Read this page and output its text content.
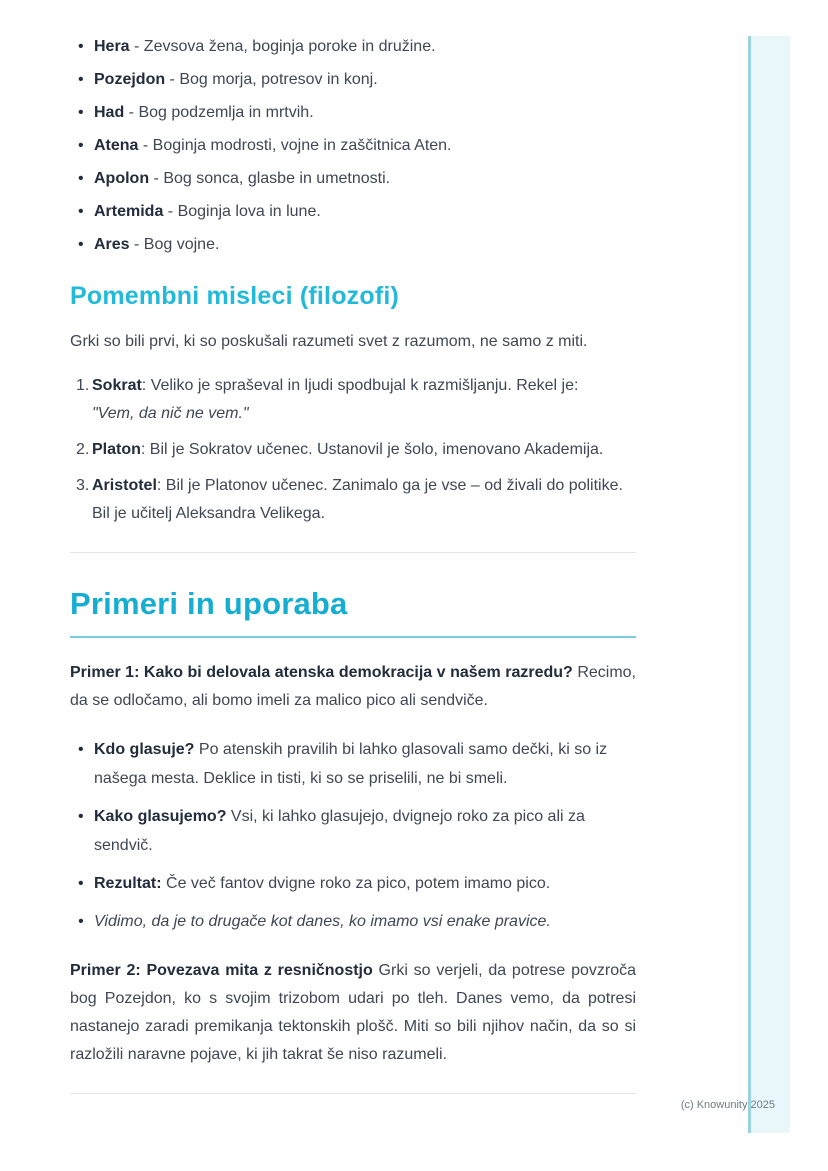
• Hera - Zevsova žena, boginja poroke in družine.
• Pozejdon - Bog morja, potresov in konj.
• Had - Bog podzemlja in mrtvih.
• Atena - Boginja modrosti, vojne in zaščitnica Aten.
• Apolon - Bog sonca, glasbe in umetnosti.
• Artemida - Boginja lova in lune.
• Ares - Bog vojne.
Pomembni misleci (filozofi)

Grki so bili prvi, ki so poskušali razumeti svet z razumom, ne samo z miti.

1. Sokrat: Veliko je spraševal in ljudi spodbujal k razmišljanju. Rekel je:
"Vem, da nič ne vem."
2. Platon: Bil je Sokratov učenec. Ustanovil je šolo, imenovano Akademija.
3. Aristotel: Bil je Platonov učenec. Zanimalo ga je vse – od živali do politike. Bil je učitelj Aleksandra Velikega.
Primeri in uporaba

Primer 1: Kako bi delovala atenska demokracija v našem razredu? Recimo, da se odločamo, ali bomo imeli za malico pico ali sendviče.

• Kdo glasuje? Po atenskih pravilih bi lahko glasovali samo dečki, ki so iz našega mesta. Deklice in tisti, ki so se priselili, ne bi smeli.
• Kako glasujemo? Vsi, ki lahko glasujejo, dvignejo roko za pico ali za sendvič.
• Rezultat: Če več fantov dvigne roko za pico, potem imamo pico.
• Vidimo, da je to drugače kot danes, ko imamo vsi enake pravice.

Primer 2: Povezava mita z resničnostjo Grki so verjeli, da potrese povzroča bog Pozejdon, ko s svojim trizobom udari po tleh. Danes vemo, da potresi nastanejo zaradi premikanja tektonskih plošč. Miti so bili njihov način, da so si razložili naravne pojave, ki jih takrat še niso razumeli.

(c) Knowunity 2025
